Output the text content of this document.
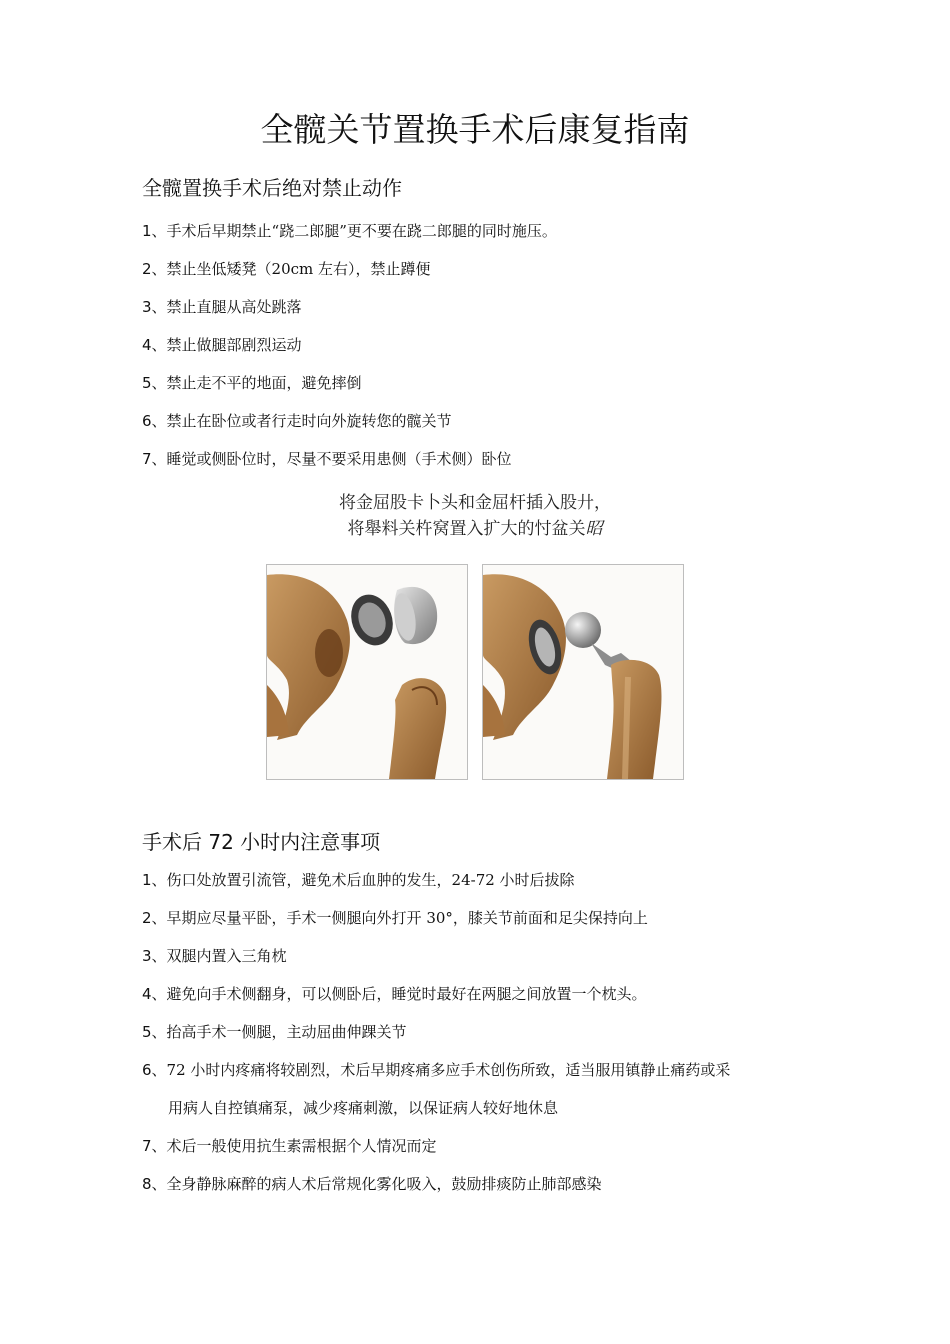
全髋关节置换手术后康复指南
全髋置换手术后绝对禁止动作
1、手术后早期禁止“跷二郎腿”更不要在跷二郎腿的同时施压。
2、禁止坐低矮凳（20cm 左右），禁止蹲便
3、禁止直腿从高处跳落
4、禁止做腿部剧烈运动
5、禁止走不平的地面，避免摔倒
6、禁止在卧位或者行走时向外旋转您的髋关节
7、睡觉或侧卧位时，尽量不要采用患侧（手术侧）卧位
将金屈股卡卜头和金屈杆插入股廾，
将舉料关杵窝置入扩大的忖盆关昭
手术后 72 小时内注意事项
1、伤口处放置引流管，避免术后血肿的发生，24-72 小时后拔除
2、早期应尽量平卧，手术一侧腿向外打开 30°，膝关节前面和足尖保持向上
3、双腿内置入三角枕
4、避免向手术侧翻身，可以侧卧后，睡觉时最好在两腿之间放置一个枕头。
5、抬高手术一侧腿，主动屈曲伸踝关节
6、72 小时内疼痛将较剧烈，术后早期疼痛多应手术创伤所致，适当服用镇静止痛药或采
用病人自控镇痛泵，减少疼痛刺激，以保证病人较好地休息
7、术后一般使用抗生素需根据个人情况而定
8、全身静脉麻醉的病人术后常规化雾化吸入，鼓励排痰防止肺部感染
